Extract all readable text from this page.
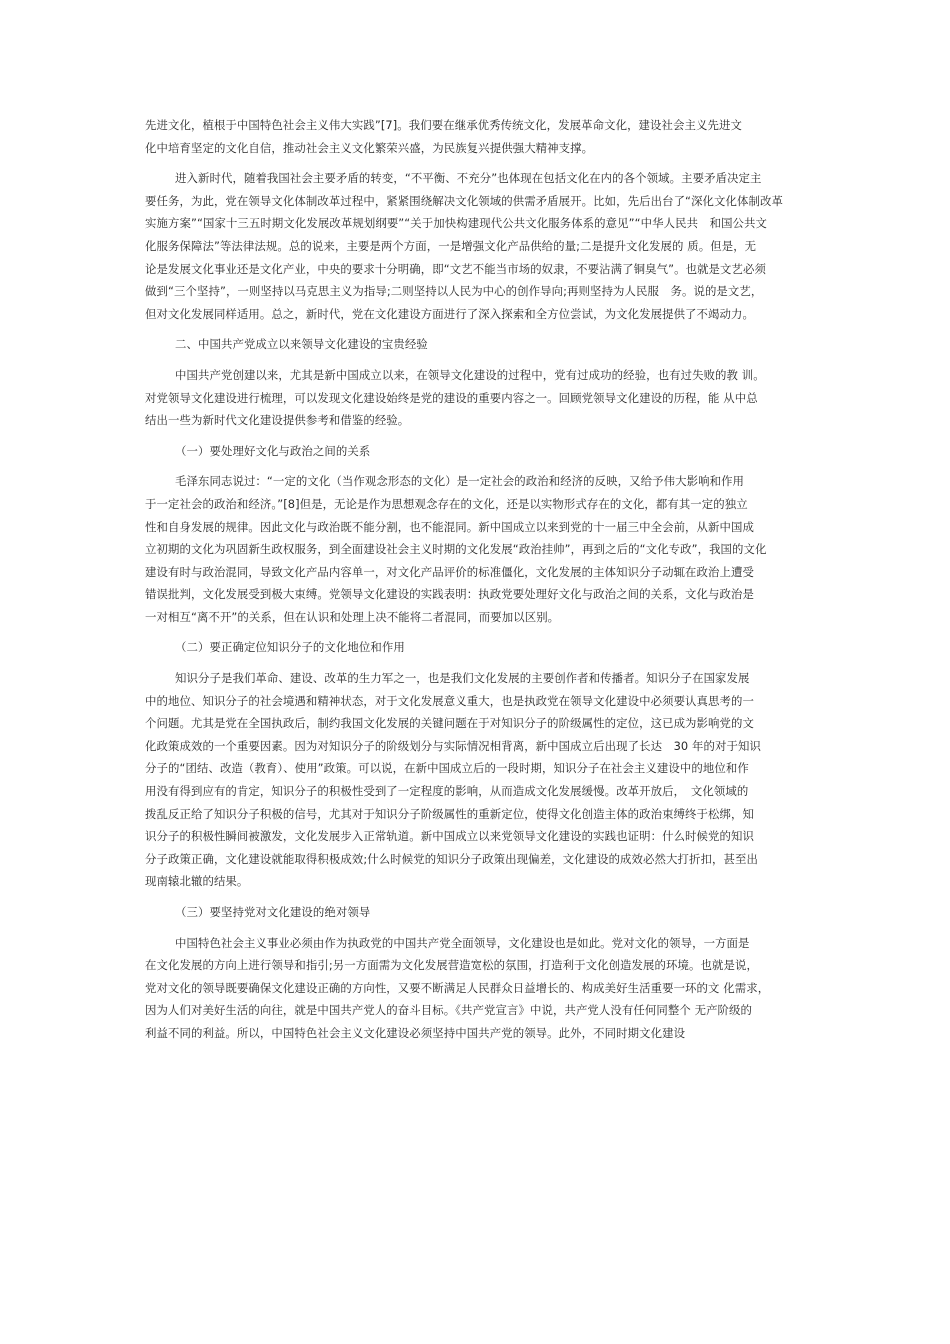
先进文化，植根于中国特色社会主义伟大实践”[7]。我们要在继承优秀传统文化，发展革命文化，建设社会主义先进文
化中培育坚定的文化自信，推动社会主义文化繁荣兴盛，为民族复兴提供强大精神支撑。
进入新时代，随着我国社会主要矛盾的转变，“不平衡、不充分”也体现在包括文化在内的各个领域。主要矛盾决定主
要任务，为此，党在领导文化体制改革过程中，紧紧围绕解决文化领域的供需矛盾展开。比如，先后出台了“深化文化体制改革
实施方案”“国家十三五时期文化发展改革规划纲要”“关于加快构建现代公共文化服务体系的意见”“中华人民共　和国公共文
化服务保障法”等法律法规。总的说来，主要是两个方面，一是增强文化产品供给的量;二是提升文化发展的 质。但是，无
论是发展文化事业还是文化产业，中央的要求十分明确，即“文艺不能当市场的奴隶，不要沾满了铜臭气”。也就是文艺必须
做到“三个坚持”，一则坚持以马克思主义为指导;二则坚持以人民为中心的创作导向;再则坚持为人民服　务。说的是文艺，
但对文化发展同样适用。总之，新时代，党在文化建设方面进行了深入探索和全方位尝试，为文化发展提供了不竭动力。
二、中国共产党成立以来领导文化建设的宝贵经验
中国共产党创建以来，尤其是新中国成立以来，在领导文化建设的过程中，党有过成功的经验，也有过失败的教 训。
对党领导文化建设进行梳理，可以发现文化建设始终是党的建设的重要内容之一。回顾党领导文化建设的历程，能 从中总
结出一些为新时代文化建设提供参考和借鉴的经验。
（一）要处理好文化与政治之间的关系
毛泽东同志说过：“一定的文化（当作观念形态的文化）是一定社会的政治和经济的反映，又给予伟大影响和作用
于一定社会的政治和经济。”[8]但是，无论是作为思想观念存在的文化，还是以实物形式存在的文化，都有其一定的独立
性和自身发展的规律。因此文化与政治既不能分割，也不能混同。新中国成立以来到党的十一届三中全会前，从新中国成
立初期的文化为巩固新生政权服务，到全面建设社会主义时期的文化发展“政治挂帅”，再到之后的“文化专政”，我国的文化
建设有时与政治混同，导致文化产品内容单一，对文化产品评价的标准僵化，文化发展的主体知识分子动辄在政治上遭受
错误批判，文化发展受到极大束缚。党领导文化建设的实践表明：执政党要处理好文化与政治之间的关系，文化与政治是
一对相互“离不开”的关系，但在认识和处理上决不能将二者混同，而要加以区别。
（二）要正确定位知识分子的文化地位和作用
知识分子是我们革命、建设、改革的生力军之一，也是我们文化发展的主要创作者和传播者。知识分子在国家发展
中的地位、知识分子的社会境遇和精神状态，对于文化发展意义重大，也是执政党在领导文化建设中必须要认真思考的一
个问题。尤其是党在全国执政后，制约我国文化发展的关键问题在于对知识分子的阶级属性的定位，这已成为影响党的文
化政策成效的一个重要因素。因为对知识分子的阶级划分与实际情况相背离，新中国成立后出现了长达　30 年的对于知识
分子的“团结、改造（教育）、使用”政策。可以说，在新中国成立后的一段时期，知识分子在社会主义建设中的地位和作
用没有得到应有的肯定，知识分子的积极性受到了一定程度的影响，从而造成文化发展缓慢。改革开放后，　文化领域的
拨乱反正给了知识分子积极的信号，尤其对于知识分子阶级属性的重新定位，使得文化创造主体的政治束缚终于松绑，知
识分子的积极性瞬间被激发，文化发展步入正常轨道。新中国成立以来党领导文化建设的实践也证明：什么时候党的知识
分子政策正确，文化建设就能取得积极成效;什么时候党的知识分子政策出现偏差，文化建设的成效必然大打折扣，甚至出
现南辕北辙的结果。
（三）要坚持党对文化建设的绝对领导
中国特色社会主义事业必须由作为执政党的中国共产党全面领导，文化建设也是如此。党对文化的领导，一方面是
在文化发展的方向上进行领导和指引;另一方面需为文化发展营造宽松的氛围，打造利于文化创造发展的环境。也就是说，
党对文化的领导既要确保文化建设正确的方向性，又要不断满足人民群众日益增长的、构成美好生活重要一环的文 化需求，
因为人们对美好生活的向往，就是中国共产党人的奋斗目标。《共产党宣言》中说，共产党人没有任何同整个 无产阶级的
利益不同的利益。所以，中国特色社会主义文化建设必须坚持中国共产党的领导。此外，不同时期文化建设
